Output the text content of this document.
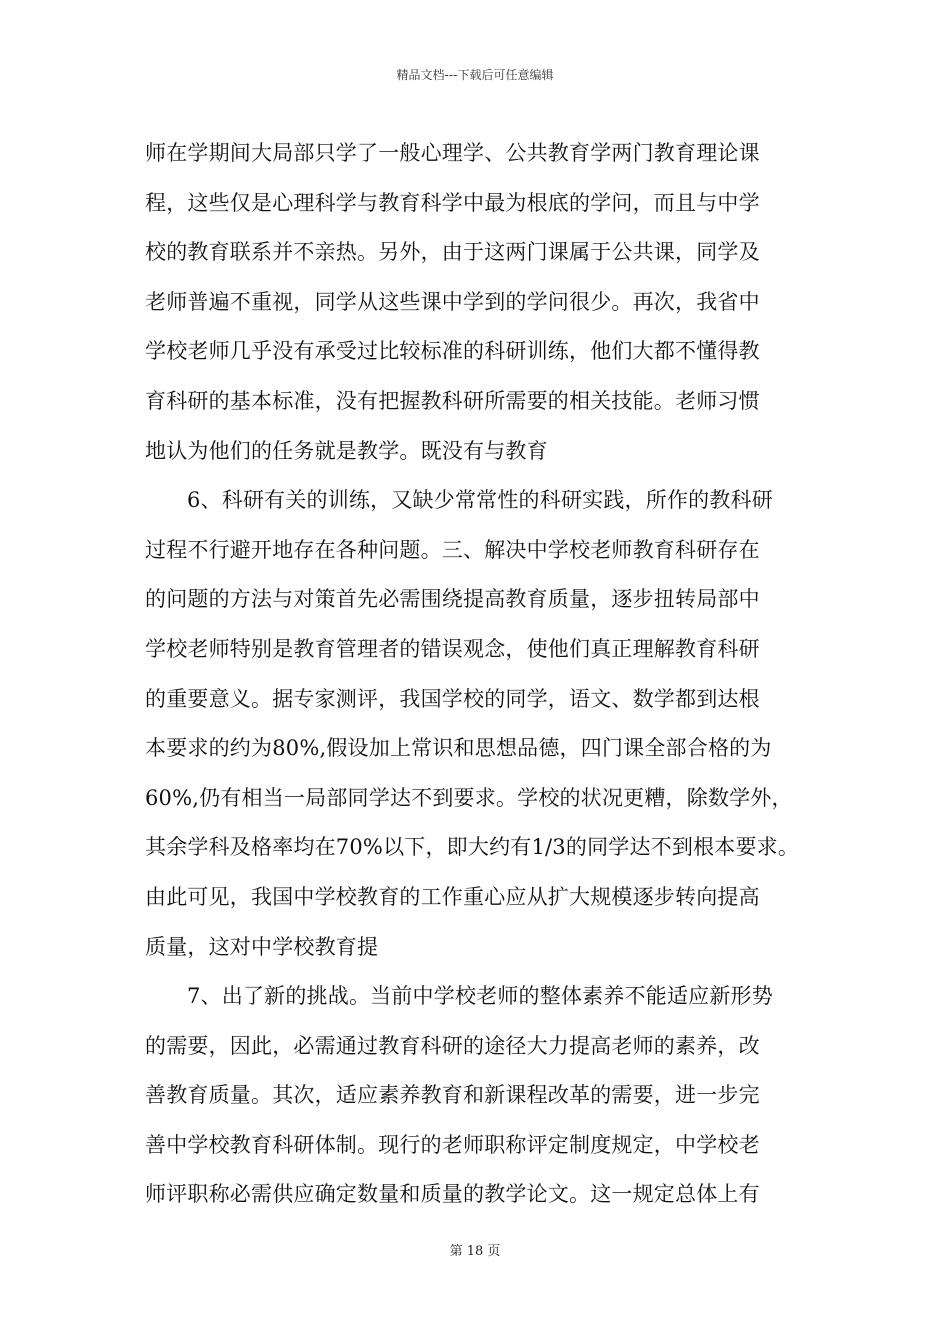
精品文档---下载后可任意编辑
师在学期间大局部只学了一般心理学、公共教育学两门教育理论课
程，这些仅是心理科学与教育科学中最为根底的学问，而且与中学
校的教育联系并不亲热。另外，由于这两门课属于公共课，同学及
老师普遍不重视，同学从这些课中学到的学问很少。再次，我省中
学校老师几乎没有承受过比较标准的科研训练，他们大都不懂得教
育科研的基本标准，没有把握教科研所需要的相关技能。老师习惯
地认为他们的任务就是教学。既没有与教育
6、科研有关的训练，又缺少常常性的科研实践，所作的教科研
过程不行避开地存在各种问题。三、解决中学校老师教育科研存在
的问题的方法与对策首先必需围绕提高教育质量，逐步扭转局部中
学校老师特别是教育管理者的错误观念，使他们真正理解教育科研
的重要意义。据专家测评，我国学校的同学，语文、数学都到达根
本要求的约为80%,假设加上常识和思想品德，四门课全部合格的为
60%,仍有相当一局部同学达不到要求。学校的状况更糟，除数学外，
其余学科及格率均在70%以下，即大约有1/3的同学达不到根本要求。
由此可见，我国中学校教育的工作重心应从扩大规模逐步转向提高
质量，这对中学校教育提
7、出了新的挑战。当前中学校老师的整体素养不能适应新形势
的需要，因此，必需通过教育科研的途径大力提高老师的素养，改
善教育质量。其次，适应素养教育和新课程改革的需要，进一步完
善中学校教育科研体制。现行的老师职称评定制度规定，中学校老
师评职称必需供应确定数量和质量的教学论文。这一规定总体上有
第 18 页
